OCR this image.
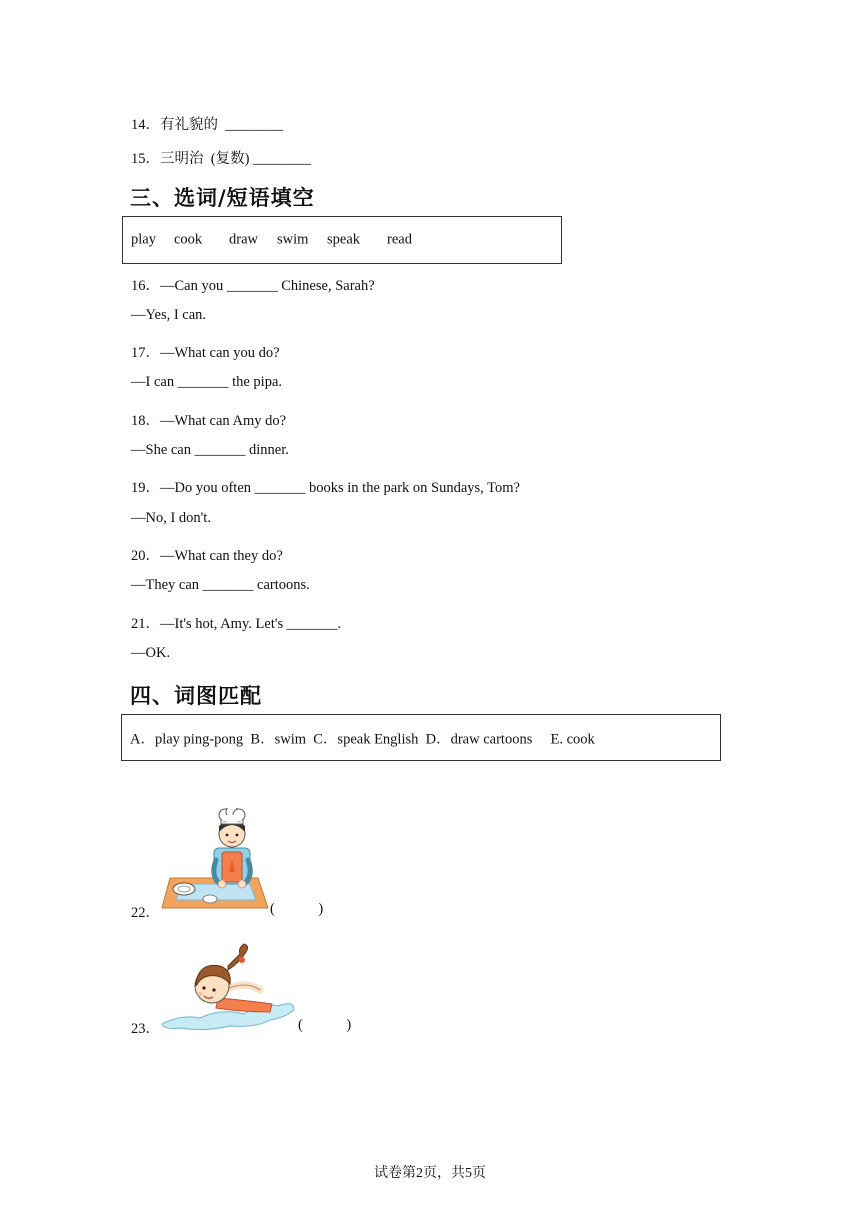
14．有礼貌的  ________
15．三明治  (复数) ________
三、选词/短语填空
play cook draw swim speak read
16．—Can you _______ Chinese, Sarah?
—Yes, I can.
17．—What can you do?
—I can _______ the pipa.
18．—What can Amy do?
—She can _______ dinner.
19．—Do you often _______ books in the park on Sundays, Tom?
—No, I don't.
20．—What can they do?
—They can _______ cartoons.
21．—It's hot, Amy. Let's _______.
—OK.
四、词图匹配
A．play ping-pong  B．swim  C．speak English  D．draw cartoons     E. cook
22．	(            )
23．	(            )
试卷第2页，共5页
